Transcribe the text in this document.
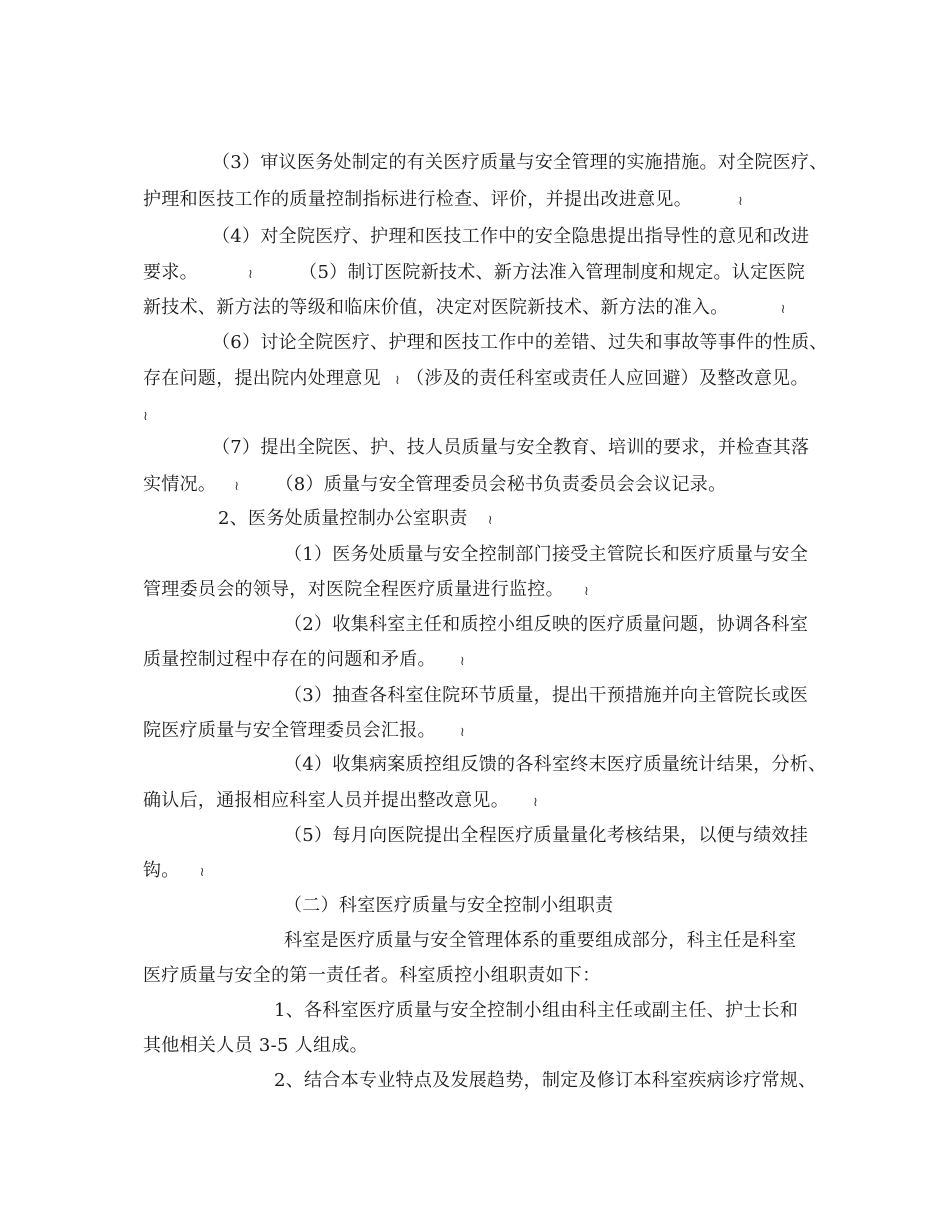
（3）审议医务处制定的有关医疗质量与安全管理的实施措施。对全院医疗、
护理和医技工作的质量控制指标进行检查、评价，并提出改进意见。	≀
（4）对全院医疗、护理和医技工作中的安全隐患提出指导性的意见和改进
要求。	≀	（5）制订医院新技术、新方法准入管理制度和规定。认定医院
新技术、新方法的等级和临床价值，决定对医院新技术、新方法的准入。	≀
（6）讨论全院医疗、护理和医技工作中的差错、过失和事故等事件的性质、
存在问题，提出院内处理意见 ≀ （涉及的责任科室或责任人应回避）及整改意见。
≀
（7）提出全院医、护、技人员质量与安全教育、培训的要求，并检查其落
实情况。 ≀ （8）质量与安全管理委员会秘书负责委员会会议记录。
2、医务处质量控制办公室职责 ≀
（1）医务处质量与安全控制部门接受主管院长和医疗质量与安全
管理委员会的领导，对医院全程医疗质量进行监控。 ≀
（2）收集科室主任和质控小组反映的医疗质量问题，协调各科室
质量控制过程中存在的问题和矛盾。 ≀
（3）抽查各科室住院环节质量，提出干预措施并向主管院长或医
院医疗质量与安全管理委员会汇报。 ≀
（4）收集病案质控组反馈的各科室终末医疗质量统计结果，分析、
确认后，通报相应科室人员并提出整改意见。 ≀
（5）每月向医院提出全程医疗质量量化考核结果，以便与绩效挂
钩。 ≀
（二）科室医疗质量与安全控制小组职责
科室是医疗质量与安全管理体系的重要组成部分，科主任是科室
医疗质量与安全的第一责任者。科室质控小组职责如下：
1、各科室医疗质量与安全控制小组由科主任或副主任、护士长和
其他相关人员 3-5 人组成。
2、结合本专业特点及发展趋势，制定及修订本科室疾病诊疗常规、
